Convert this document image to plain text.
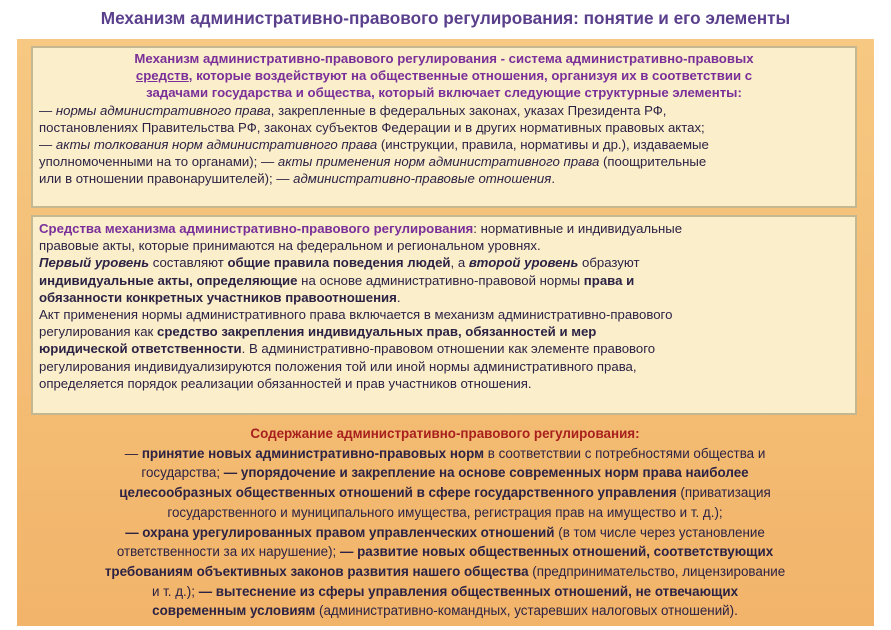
Механизм административно-правового регулирования: понятие и его элементы
Механизм административно-правового регулирования - система административно-правовых
средств, которые воздействуют на общественные отношения, организуя их в соответствии с
задачами государства и общества, который включает следующие структурные элементы:
— нормы административного права, закрепленные в федеральных законах, указах Президента РФ,
постановлениях Правительства РФ, законах субъектов Федерации и в других нормативных правовых актах;
— акты толкования норм административного права (инструкции, правила, нормативы и др.), издаваемые
уполномоченными на то органами); — акты применения норм административного права (поощрительные
или в отношении правонарушителей); — административно-правовые отношения.
Средства механизма административно-правового регулирования: нормативные и индивидуальные
правовые акты, которые принимаются на федеральном и региональном уровнях.
Первый уровень составляют общие правила поведения людей, а второй уровень образуют
индивидуальные акты, определяющие на основе административно-правовой нормы права и
обязанности конкретных участников правоотношения.
Акт применения нормы административного права включается в механизм административно-правового
регулирования как средство закрепления индивидуальных прав, обязанностей и мер
юридической ответственности. В административно-правовом отношении как элементе правового
регулирования индивидуализируются положения той или иной нормы административного права,
определяется порядок реализации обязанностей и прав участников отношения.
Содержание административно-правового регулирования:
— принятие новых административно-правовых норм в соответствии с потребностями общества и
государства; — упорядочение и закрепление на основе современных норм права наиболее
целесообразных общественных отношений в сфере государственного управления (приватизация
государственного и муниципального имущества, регистрация прав на имущество и т. д.);
— охрана урегулированных правом управленческих отношений (в том числе через установление
ответственности за их нарушение); — развитие новых общественных отношений, соответствующих
требованиям объективных законов развития нашего общества (предпринимательство, лицензирование
и т. д.); — вытеснение из сферы управления общественных отношений, не отвечающих
современным условиям (административно-командных, устаревших налоговых отношений).
